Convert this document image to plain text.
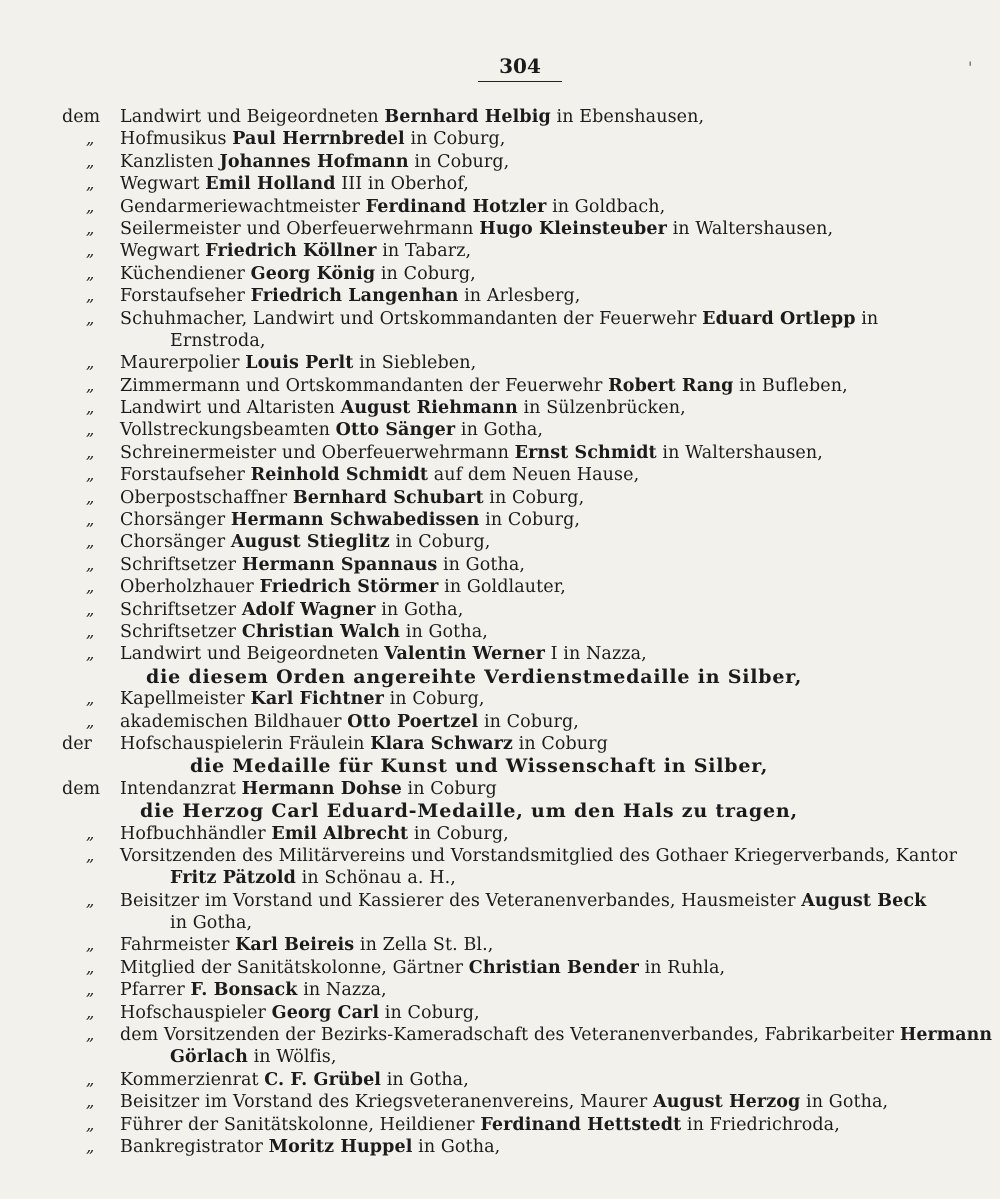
304	'
dem	Landwirt und Beigeordneten Bernhard Helbig in Ebenshausen,
„	Hofmusikus Paul Herrnbredel in Coburg,
„	Kanzlisten Johannes Hofmann in Coburg,
„	Wegwart Emil Holland III in Oberhof,
„	Gendarmeriewachtmeister Ferdinand Hotzler in Goldbach,
„	Seilermeister und Oberfeuerwehrmann Hugo Kleinsteuber in Waltershausen,
„	Wegwart Friedrich Köllner in Tabarz,
„	Küchendiener Georg König in Coburg,
„	Forstaufseher Friedrich Langenhan in Arlesberg,
„	Schuhmacher, Landwirt und Ortskommandanten der Feuerwehr Eduard Ortlepp in
Ernstroda,
„	Maurerpolier Louis Perlt in Siebleben,
„	Zimmermann und Ortskommandanten der Feuerwehr Robert Rang in Bufleben,
„	Landwirt und Altaristen August Riehmann in Sülzenbrücken,
„	Vollstreckungsbeamten Otto Sänger in Gotha,
„	Schreinermeister und Oberfeuerwehrmann Ernst Schmidt in Waltershausen,
„	Forstaufseher Reinhold Schmidt auf dem Neuen Hause,
„	Oberpostschaffner Bernhard Schubart in Coburg,
„	Chorsänger Hermann Schwabedissen in Coburg,
„	Chorsänger August Stieglitz in Coburg,
„	Schriftsetzer Hermann Spannaus in Gotha,
„	Oberholzhauer Friedrich Störmer in Goldlauter,
„	Schriftsetzer Adolf Wagner in Gotha,
„	Schriftsetzer Christian Walch in Gotha,
„	Landwirt und Beigeordneten Valentin Werner I in Nazza,
die diesem Orden angereihte Verdienstmedaille in Silber,
„	Kapellmeister Karl Fichtner in Coburg,
„	akademischen Bildhauer Otto Poertzel in Coburg,
der	Hofschauspielerin Fräulein Klara Schwarz in Coburg
die Medaille für Kunst und Wissenschaft in Silber,
dem	Intendanzrat Hermann Dohse in Coburg
die Herzog Carl Eduard-Medaille, um den Hals zu tragen,
„	Hofbuchhändler Emil Albrecht in Coburg,
„	Vorsitzenden des Militärvereins und Vorstandsmitglied des Gothaer Kriegerverbands, Kantor
Fritz Pätzold in Schönau a. H.,
„	Beisitzer im Vorstand und Kassierer des Veteranenverbandes, Hausmeister August Beck
in Gotha,
„	Fahrmeister Karl Beireis in Zella St. Bl.,
„	Mitglied der Sanitätskolonne, Gärtner Christian Bender in Ruhla,
„	Pfarrer F. Bonsack in Nazza,
„	Hofschauspieler Georg Carl in Coburg,
„	dem Vorsitzenden der Bezirks-Kameradschaft des Veteranenverbandes, Fabrikarbeiter Hermann
Görlach in Wölfis,
„	Kommerzienrat C. F. Grübel in Gotha,
„	Beisitzer im Vorstand des Kriegsveteranenvereins, Maurer August Herzog in Gotha,
„	Führer der Sanitätskolonne, Heildiener Ferdinand Hettstedt in Friedrichroda,
„	Bankregistrator Moritz Huppel in Gotha,
